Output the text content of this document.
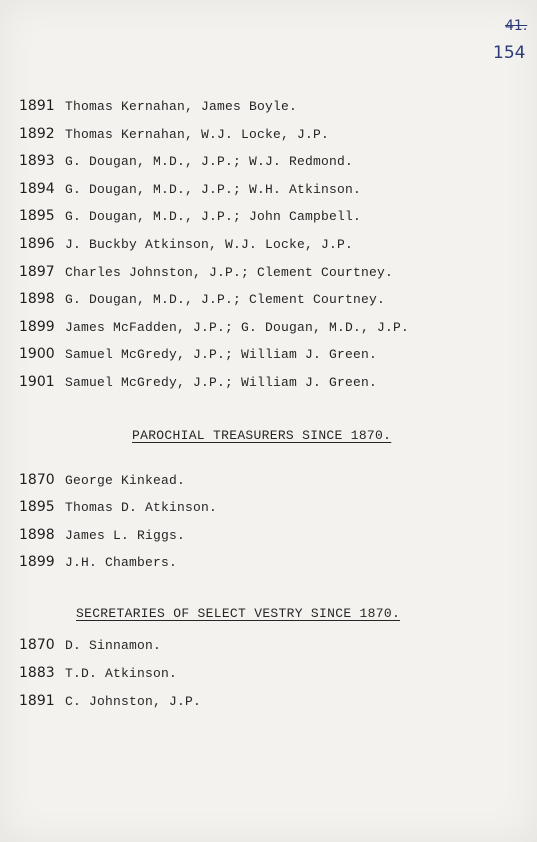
41.
154
1891 Thomas Kernahan, James Boyle.
1892 Thomas Kernahan, W.J. Locke, J.P.
1893 G. Dougan, M.D., J.P.; W.J. Redmond.
1894 G. Dougan, M.D., J.P.; W.H. Atkinson.
1895 G. Dougan, M.D., J.P.; John Campbell.
1896 J. Buckby Atkinson, W.J. Locke, J.P.
1897 Charles Johnston, J.P.; Clement Courtney.
1898 G. Dougan, M.D., J.P.; Clement Courtney.
1899 James McFadden, J.P.; G. Dougan, M.D., J.P.
1900 Samuel McGredy, J.P.; William J. Green.
1901 Samuel McGredy, J.P.; William J. Green.
PAROCHIAL TREASURERS SINCE 1870.
1870 George Kinkead.
1895 Thomas D. Atkinson.
1898 James L. Riggs.
1899 J.H. Chambers.
SECRETARIES OF SELECT VESTRY SINCE 1870.
1870 D. Sinnamon.
1883 T.D. Atkinson.
1891 C. Johnston, J.P.
